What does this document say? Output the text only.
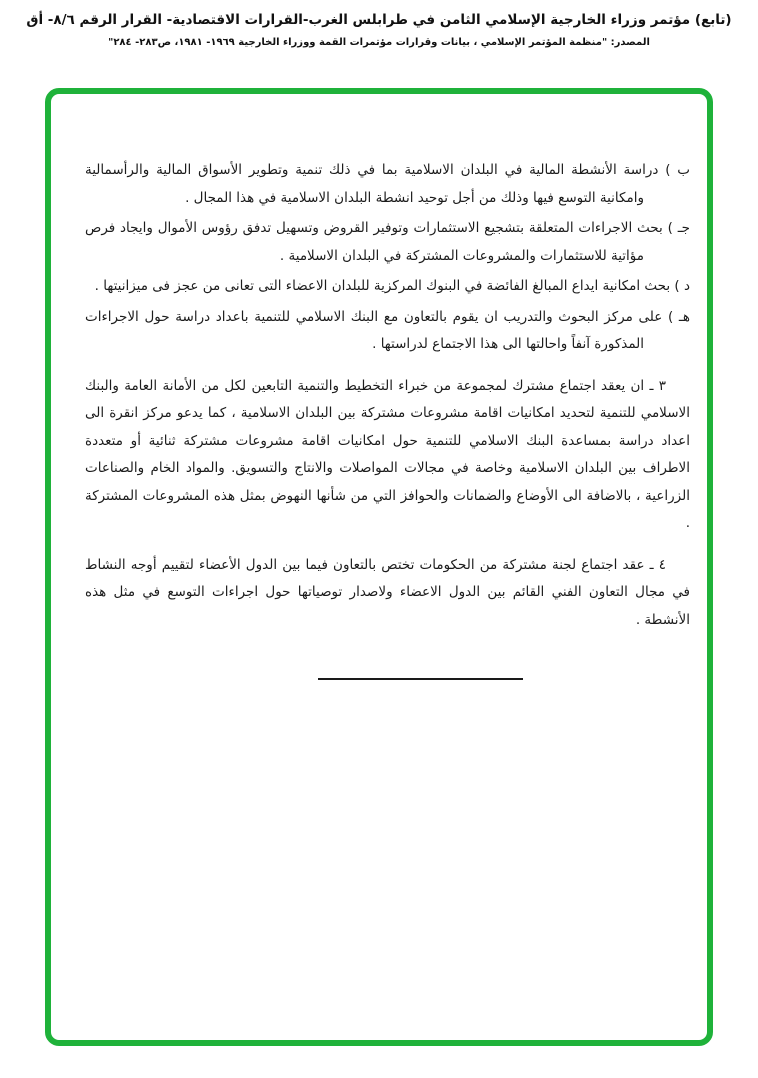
(تابع) مؤتمر وزراء الخارجية الإسلامي الثامن في طرابلس الغرب-القرارات الاقتصادية- القرار الرقم ٨/٦- أق
المصدر: "منظمة المؤتمر الإسلامي ، بيانات وقرارات مؤتمرات القمة ووزراء الخارجية ١٩٦٩- ١٩٨١، ص٢٨٣- ٢٨٤"

ب ) دراسة الأنشطة المالية في البلدان الاسلامية بما في ذلك تنمية وتطوير الأسواق المالية والرأسمالية وامكانية التوسع فيها وذلك من أجل توحيد انشطة البلدان الاسلامية في هذا المجال .

جـ ) بحث الاجراءات المتعلقة بتشجيع الاستثمارات وتوفير القروض وتسهيل تدفق رؤوس الأموال وايجاد فرص مؤاتية للاستثمارات والمشروعات المشتركة في البلدان الاسلامية .

د ) بحث امكانية ايداع المبالغ الفائضة في البنوك المركزية للبلدان الاعضاء التى تعانى من عجز فى ميزانيتها .

هـ ) على مركز البحوث والتدريب ان يقوم بالتعاون مع البنك الاسلامي للتنمية باعداد دراسة حول الاجراءات المذكورة آنفاً واحالتها الى هذا الاجتماع لدراستها .

٣ ـ ان يعقد اجتماع مشترك لمجموعة من خبراء التخطيط والتنمية التابعين لكل من الأمانة العامة والبنك الاسلامي للتنمية لتحديد امكانيات اقامة مشروعات مشتركة بين البلدان الاسلامية ، كما يدعو مركز انقرة الى اعداد دراسة بمساعدة البنك الاسلامي للتنمية حول امكانيات اقامة مشروعات مشتركة ثنائية أو متعددة الاطراف بين البلدان الاسلامية وخاصة في مجالات المواصلات والانتاج والتسويق. والمواد الخام والصناعات الزراعية ، بالاضافة الى الأوضاع والضمانات والحوافز التي من شأنها النهوض بمثل هذه المشروعات المشتركة .

٤ ـ عقد اجتماع لجنة مشتركة من الحكومات تختص بالتعاون فيما بين الدول الأعضاء لتقييم أوجه النشاط في مجال التعاون الفني القائم بين الدول الاعضاء ولاصدار توصياتها حول اجراءات التوسع في مثل هذه الأنشطة .
